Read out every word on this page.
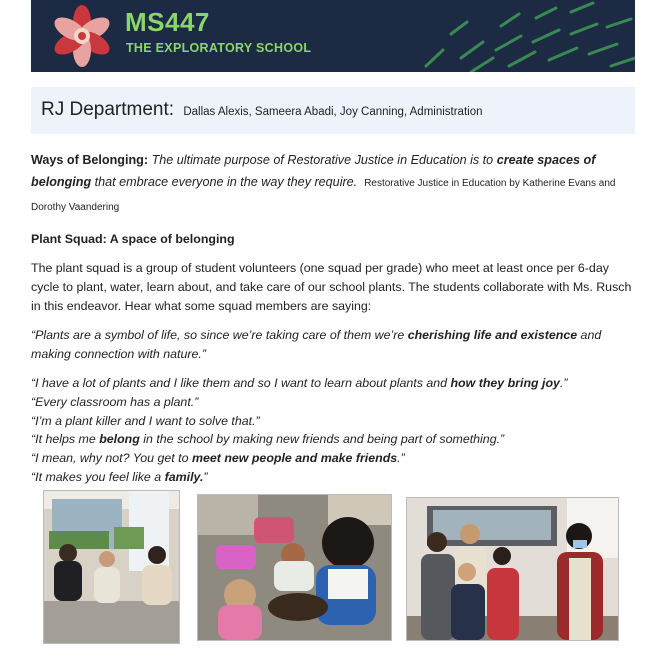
MS447
THE EXPLORATORY SCHOOL
RJ Department: Dallas Alexis, Sameera Abadi, Joy Canning, Administration

Ways of Belonging: The ultimate purpose of Restorative Justice in Education is to create spaces of belonging that embrace everyone in the way they require. Restorative Justice in Education by Katherine Evans and Dorothy Vaandering

Plant Squad: A space of belonging

The plant squad is a group of student volunteers (one squad per grade) who meet at least once per 6-day cycle to plant, water, learn about, and take care of our school plants. The students collaborate with Ms. Rusch in this endeavor. Hear what some squad members are saying:

“Plants are a symbol of life, so since we’re taking care of them we’re cherishing life and existence and making connection with nature.”

“I have a lot of plants and I like them and so I want to learn about plants and how they bring joy.”
“Every classroom has a plant.”
“I’m a plant killer and I want to solve that.”
“It helps me belong in the school by making new friends and being part of something.”
“I mean, why not? You get to meet new people and make friends.”
“It makes you feel like a family.”
